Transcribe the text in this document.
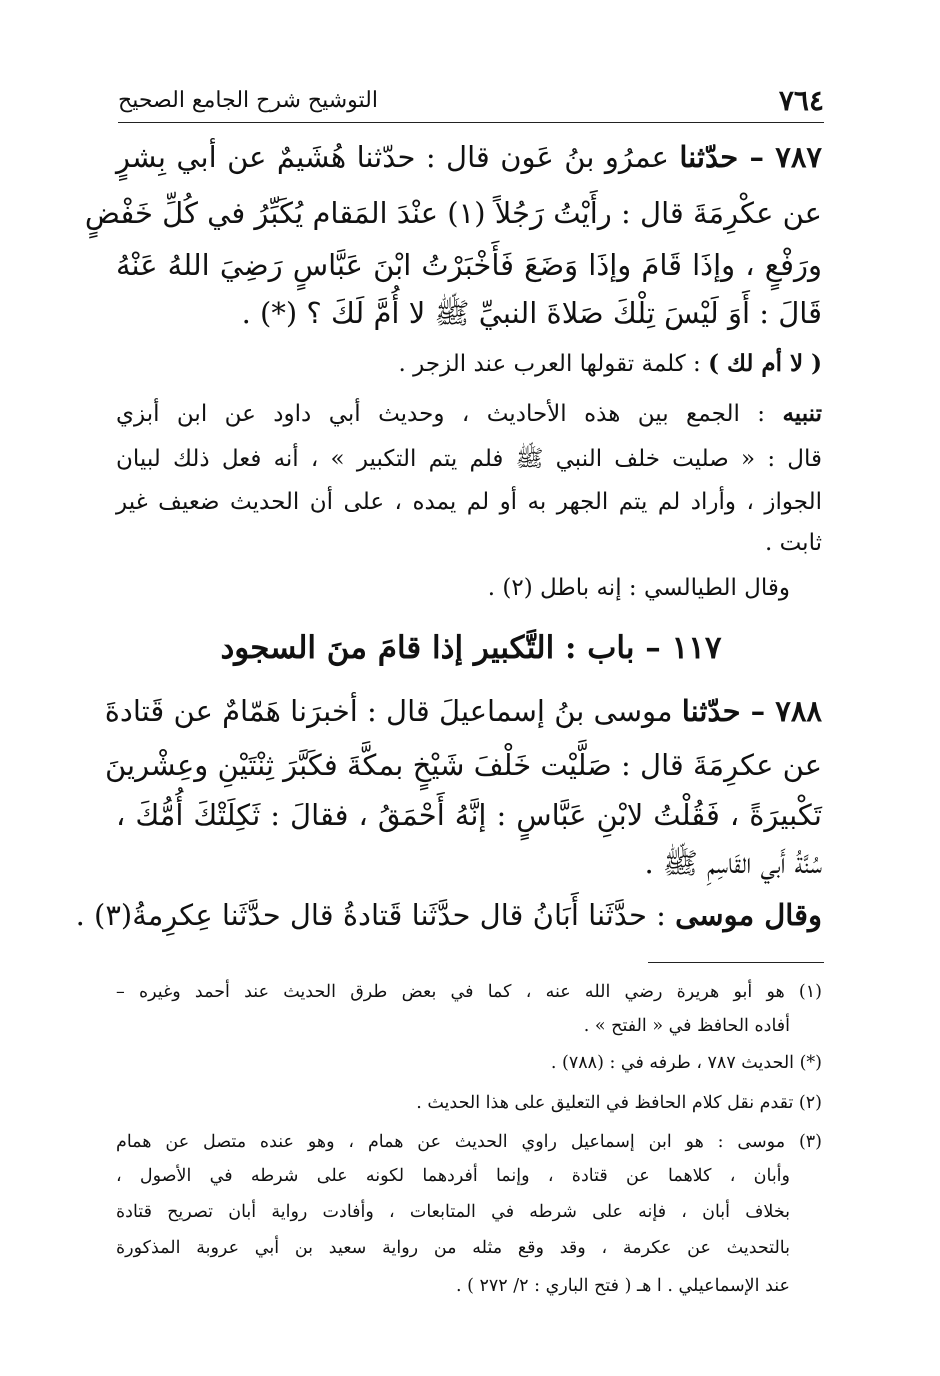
٧٦٤
التوشيح شرح الجامع الصحيح
٧٨٧ – حدّثنا عمرُو بنُ عَون قال : حدّثنا هُشَيمٌ عن أبي بِشرٍ
عن عكْرِمَةَ قال : رأَيْتُ رَجُلاً (١) عنْدَ المَقام يُكَبِّرُ في كُلِّ خَفْضٍ
ورَفْعٍ ، وإذَا قَامَ وإذَا وَضَعَ فَأَخْبَرْتُ ابْنَ عَبَّاسٍ رَضِيَ اللهُ عَنْهُ
قَالَ : أَوَ لَيْسَ تِلْكَ صَلاةَ النبيِّ ﷺ لا أُمَّ لَكَ ؟ (*) .
( لا أم لك ) : كلمة تقولها العرب عند الزجر .
تنبيه : الجمع بين هذه الأحاديث ، وحديث أبي داود عن ابن أبزي
قال : « صليت خلف النبي ﷺ فلم يتم التكبير » ، أنه فعل ذلك لبيان
الجواز ، وأراد لم يتم الجهر به أو لم يمده ، على أن الحديث ضعيف غير
ثابت .
وقال الطيالسي : إنه باطل (٢) .
١١٧ – باب : التَّكبير إذا قامَ منَ السجود
٧٨٨ – حدّثنا موسى بنُ إسماعيلَ قال : أخبرَنا هَمّامٌ عن قَتادةَ
عن عكرِمَةَ قال : صَلَّيْت خَلْفَ شَيْخٍ بمكَّةَ فكَبَّرَ ثِنْتَيْنِ وعِشْرينَ
تَكْبيرَةً ، فَقُلْتُ لابْنِ عَبَّاسٍ : إنَّهُ أَحْمَقُ ، فقالَ : ثَكِلَتْكَ أُمُّكَ ،
سُنَّةُ أَبي القَاسِمِ ﷺ .
وقال موسى : حدَّثَنا أَبَانُ قال حدَّثَنا قَتادةُ قال حدَّثَنا عِكرِمةُ(٣) .
(١) هو أبو هريرة رضي الله عنه ، كما في بعض طرق الحديث عند أحمد وغيره –
أفاده الحافظ في « الفتح » .
(*) الحديث ٧٨٧ ، طرفه في : (٧٨٨) .
(٢) تقدم نقل كلام الحافظ في التعليق على هذا الحديث .
(٣) موسى : هو ابن إسماعيل راوي الحديث عن همام ، وهو عنده متصل عن همام
وأبان ، كلاهما عن قتادة ، وإنما أفردهما لكونه على شرطه في الأصول ،
بخلاف أبان ، فإنه على شرطه في المتابعات ، وأفادت رواية أبان تصريح قتادة
بالتحديث عن عكرمة ، وقد وقع مثله من رواية سعيد بن أبي عروبة المذكورة
عند الإسماعيلي . ا هـ ( فتح الباري : ٢/ ٢٧٢ ) .
